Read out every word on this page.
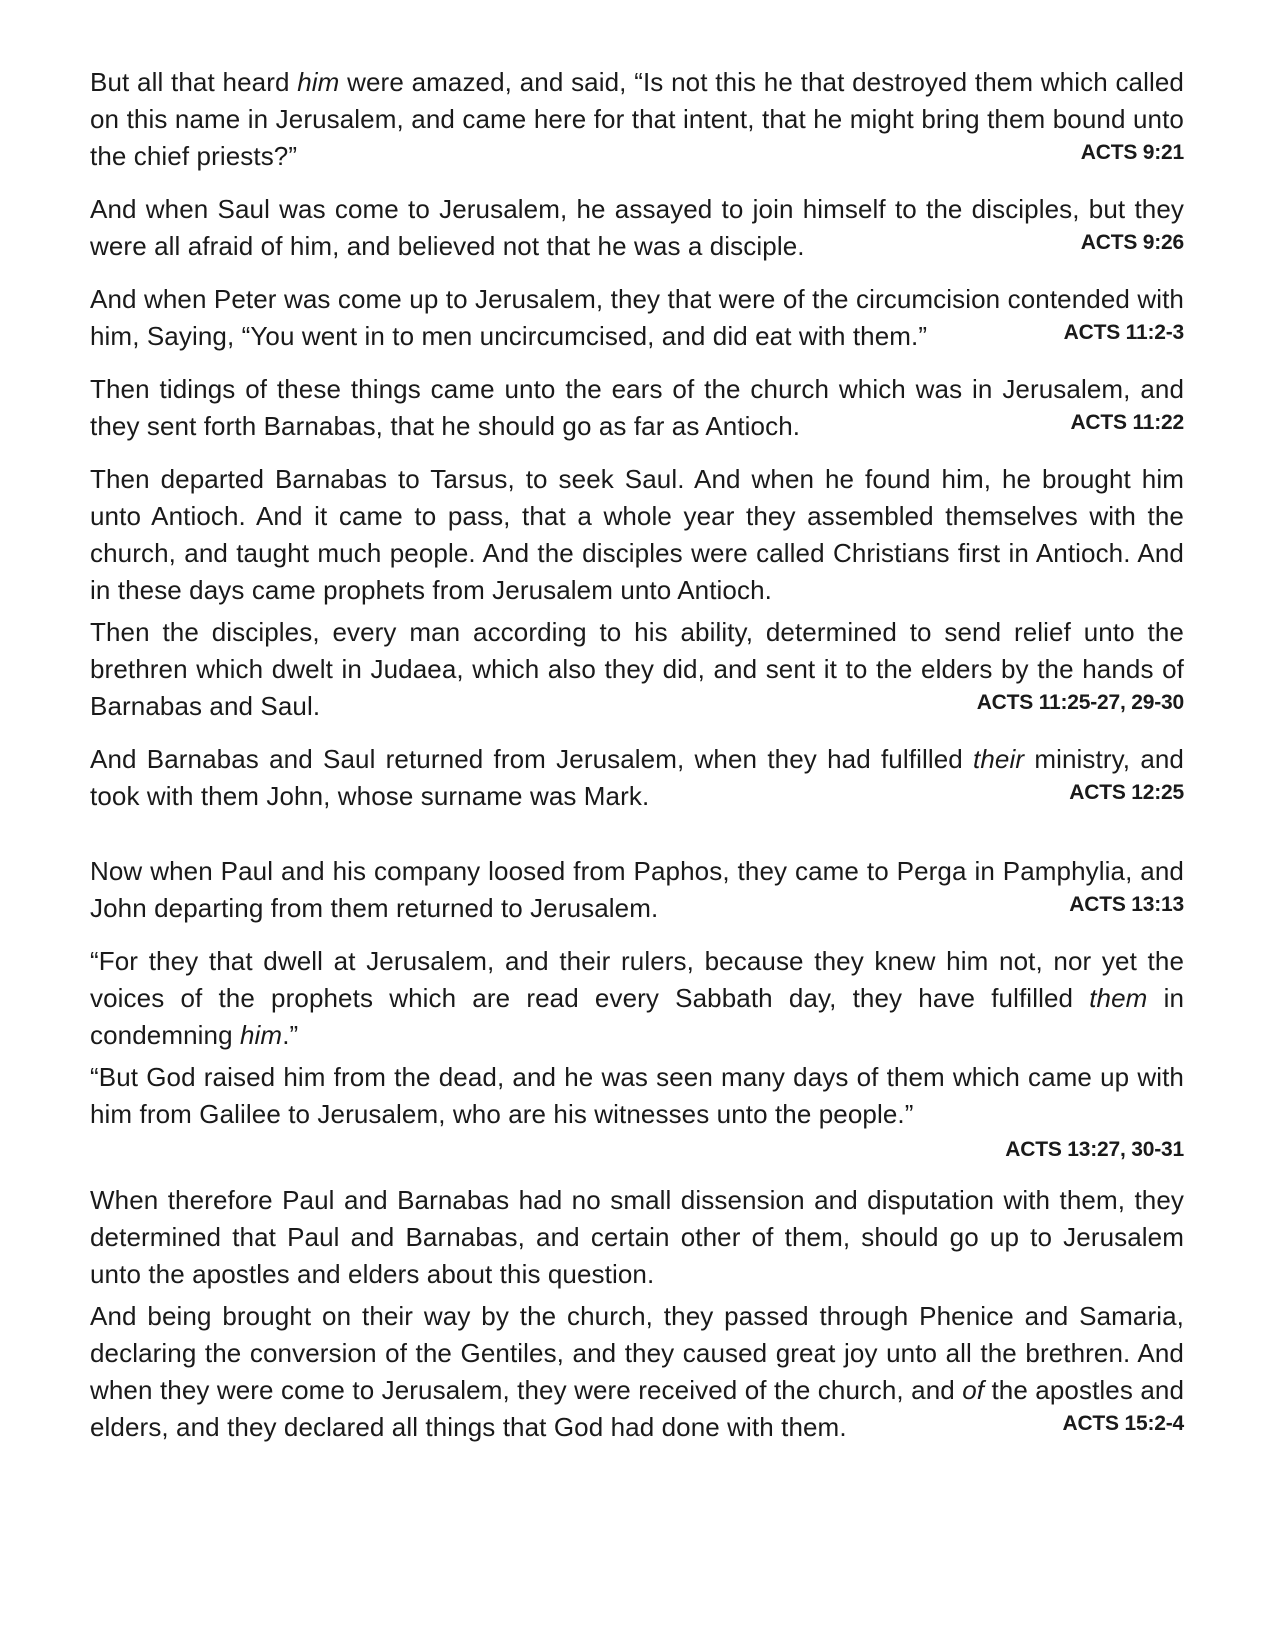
But all that heard him were amazed, and said, “Is not this he that destroyed them which called on this name in Jerusalem, and came here for that intent, that he might bring them bound unto the chief priests?”	ACTS 9:21

And when Saul was come to Jerusalem, he assayed to join himself to the disciples, but they were all afraid of him, and believed not that he was a disciple.	ACTS 9:26

And when Peter was come up to Jerusalem, they that were of the circumcision contended with him, Saying, “You went in to men uncircumcised, and did eat with them.”	ACTS 11:2-3

Then tidings of these things came unto the ears of the church which was in Jerusalem, and they sent forth Barnabas, that he should go as far as Antioch.	ACTS 11:22

Then departed Barnabas to Tarsus, to seek Saul. And when he found him, he brought him unto Antioch. And it came to pass, that a whole year they assembled themselves with the church, and taught much people. And the disciples were called Christians first in Antioch. And in these days came prophets from Jerusalem unto Antioch.

Then the disciples, every man according to his ability, determined to send relief unto the brethren which dwelt in Judaea, which also they did, and sent it to the elders by the hands of Barnabas and Saul.	ACTS 11:25-27, 29-30

And Barnabas and Saul returned from Jerusalem, when they had fulfilled their ministry, and took with them John, whose surname was Mark.	ACTS 12:25

Now when Paul and his company loosed from Paphos, they came to Perga in Pamphylia, and John departing from them returned to Jerusalem.	ACTS 13:13

“For they that dwell at Jerusalem, and their rulers, because they knew him not, nor yet the voices of the prophets which are read every Sabbath day, they have fulfilled them in condemning him.”

“But God raised him from the dead, and he was seen many days of them which came up with him from Galilee to Jerusalem, who are his witnesses unto the people.”

ACTS 13:27, 30-31

When therefore Paul and Barnabas had no small dissension and disputation with them, they determined that Paul and Barnabas, and certain other of them, should go up to Jerusalem unto the apostles and elders about this question.

And being brought on their way by the church, they passed through Phenice and Samaria, declaring the conversion of the Gentiles, and they caused great joy unto all the brethren. And when they were come to Jerusalem, they were received of the church, and of the apostles and elders, and they declared all things that God had done with them.	ACTS 15:2-4
